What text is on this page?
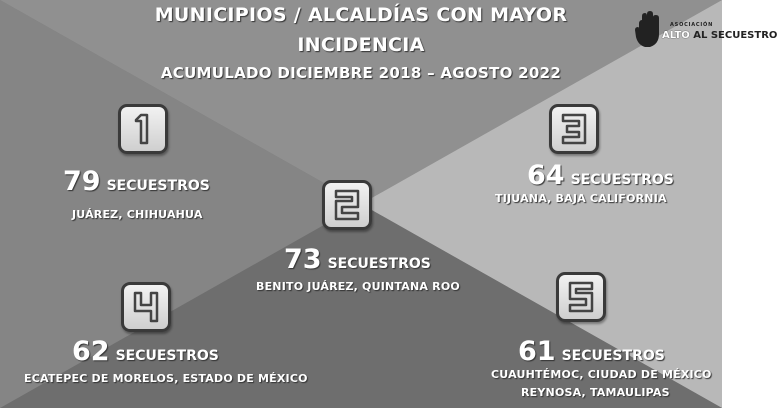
MUNICIPIOS / ALCALDÍAS CON MAYOR
INCIDENCIA
ACUMULADO DICIEMBRE 2018 – AGOSTO 2022
ASOCIACIÓN
ALTO AL SECUESTRO
79 SECUESTROS
JUÁREZ, CHIHUAHUA
73 SECUESTROS
BENITO JUÁREZ, QUINTANA ROO
64 SECUESTROS
TIJUANA, BAJA CALIFORNIA
62 SECUESTROS
ECATEPEC DE MORELOS, ESTADO DE MÉXICO
61 SECUESTROS
CUAUHTÉMOC, CIUDAD DE MÉXICO
REYNOSA, TAMAULIPAS
